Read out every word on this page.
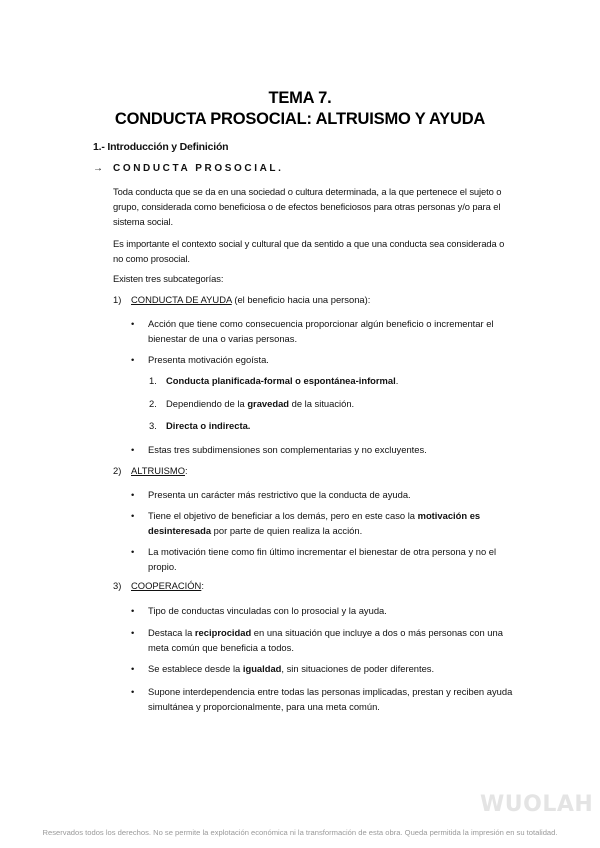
TEMA 7.
CONDUCTA PROSOCIAL: ALTRUISMO Y AYUDA
1.- Introducción y Definición
→ CONDUCTA PROSOCIAL.
Toda conducta que se da en una sociedad o cultura determinada, a la que pertenece el sujeto o grupo, considerada como beneficiosa o de efectos beneficiosos para otras personas y/o para el sistema social.
Es importante el contexto social y cultural que da sentido a que una conducta sea considerada o no como prosocial.
Existen tres subcategorías:
1) CONDUCTA DE AYUDA (el beneficio hacia una persona):
• Acción que tiene como consecuencia proporcionar algún beneficio o incrementar el bienestar de una o varias personas.
• Presenta motivación egoísta.
1. Conducta planificada-formal o espontánea-informal.
2. Dependiendo de la gravedad de la situación.
3. Directa o indirecta.
• Estas tres subdimensiones son complementarias y no excluyentes.
2) ALTRUISMO:
• Presenta un carácter más restrictivo que la conducta de ayuda.
• Tiene el objetivo de beneficiar a los demás, pero en este caso la motivación es desinteresada por parte de quien realiza la acción.
• La motivación tiene como fin último incrementar el bienestar de otra persona y no el propio.
3) COOPERACIÓN:
• Tipo de conductas vinculadas con lo prosocial y la ayuda.
• Destaca la reciprocidad en una situación que incluye a dos o más personas con una meta común que beneficia a todos.
• Se establece desde la igualdad, sin situaciones de poder diferentes.
• Supone interdependencia entre todas las personas implicadas, prestan y reciben ayuda simultánea y proporcionalmente, para una meta común.
WUOLAH
Reservados todos los derechos. No se permite la explotación económica ni la transformación de esta obra. Queda permitida la impresión en su totalidad.
